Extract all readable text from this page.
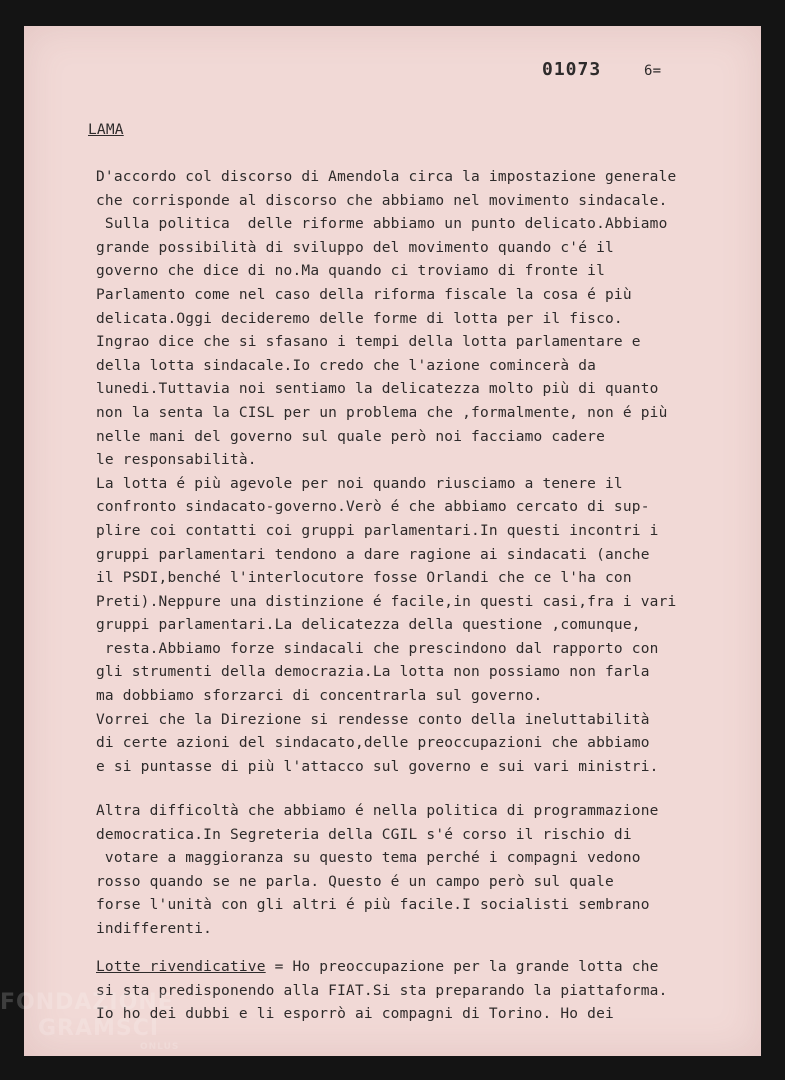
01073	6=
LAMA
D'accordo col discorso di Amendola circa la impostazione generale
che corrisponde al discorso che abbiamo nel movimento sindacale.
Sulla politica  delle riforme abbiamo un punto delicato.Abbiamo
grande possibilità di sviluppo del movimento quando c'é il
governo che dice di no.Ma quando ci troviamo di fronte il
Parlamento come nel caso della riforma fiscale la cosa é più
delicata.Oggi decideremo delle forme di lotta per il fisco.
Ingrao dice che si sfasano i tempi della lotta parlamentare e
della lotta sindacale.Io credo che l'azione comincerà da
lunedi.Tuttavia noi sentiamo la delicatezza molto più di quanto
non la senta la CISL per un problema che ,formalmente, non é più
nelle mani del governo sul quale però noi facciamo cadere
le responsabilità.
La lotta é più agevole per noi quando riusciamo a tenere il
confronto sindacato-governo.Verò é che abbiamo cercato di sup-
plire coi contatti coi gruppi parlamentari.In questi incontri i
gruppi parlamentari tendono a dare ragione ai sindacati (anche
il PSDI,benché l'interlocutore fosse Orlandi che ce l'ha con
Preti).Neppure una distinzione é facile,in questi casi,fra i vari
gruppi parlamentari.La delicatezza della questione ,comunque,
resta.Abbiamo forze sindacali che prescindono dal rapporto con
gli strumenti della democrazia.La lotta non possiamo non farla
ma dobbiamo sforzarci di concentrarla sul governo.
Vorrei che la Direzione si rendesse conto della ineluttabilità
di certe azioni del sindacato,delle preoccupazioni che abbiamo
e si puntasse di più l'attacco sul governo e sui vari ministri.
Altra difficoltà che abbiamo é nella politica di programmazione
democratica.In Segreteria della CGIL s'é corso il rischio di
votare a maggioranza su questo tema perché i compagni vedono
rosso quando se ne parla. Questo é un campo però sul quale
forse l'unità con gli altri é più facile.I socialisti sembrano
indifferenti.
Lotte rivendicative = Ho preoccupazione per la grande lotta che
si sta predisponendo alla FIAT.Si sta preparando la piattaforma.
Io ho dei dubbi e li esporrò ai compagni di Torino. Ho dei
FONDAZIONE
GRAMSCI
ONLUS
